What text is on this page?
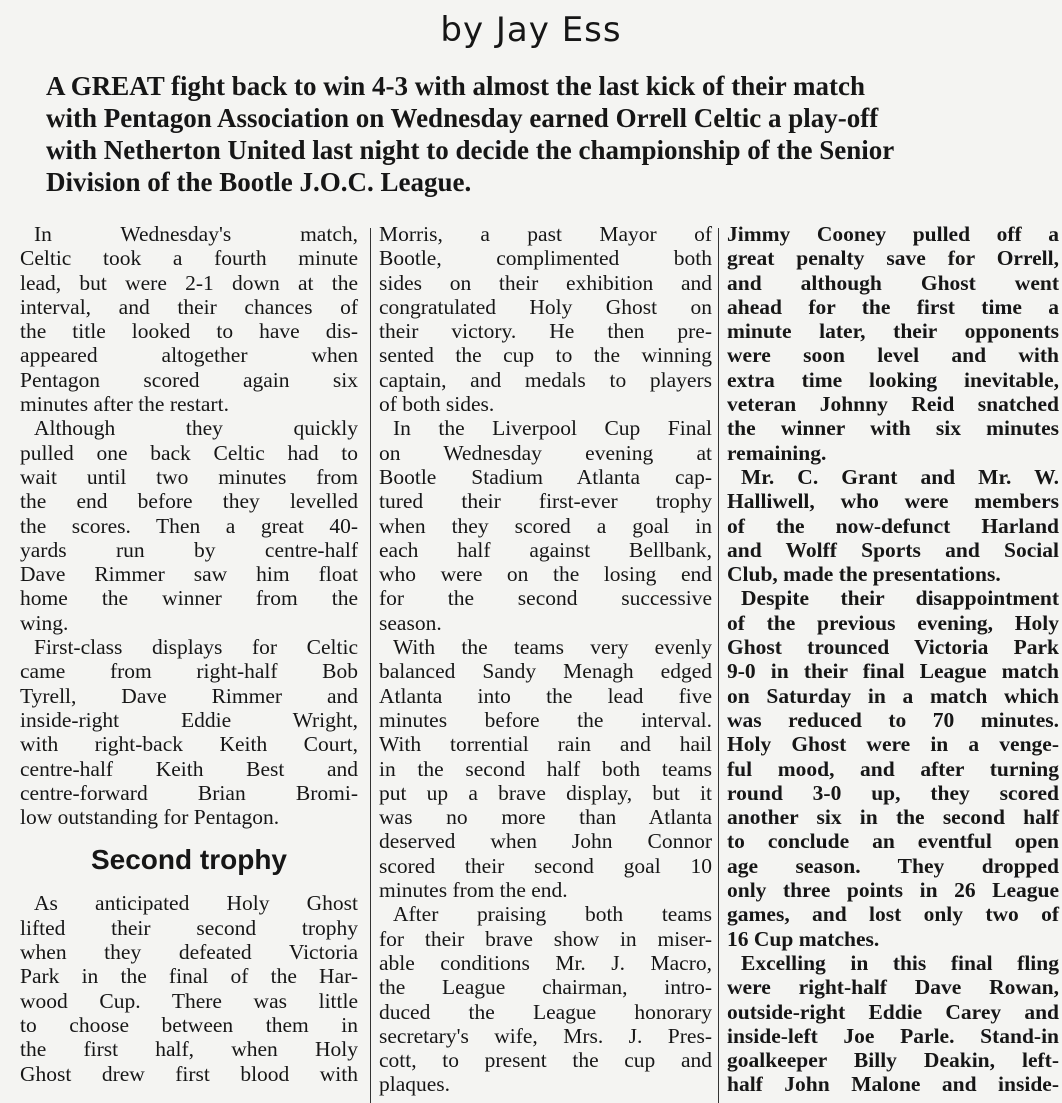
by Jay Ess
A GREAT fight back to win 4-3 with almost the last kick of their match
with Pentagon Association on Wednesday earned Orrell Celtic a play-off
with Netherton United last night to decide the championship of the Senior
Division of the Bootle J.O.C. League.
In Wednesday's match,
Celtic took a fourth minute
lead, but were 2-1 down at the
interval, and their chances of
the title looked to have dis-
appeared altogether when
Pentagon scored again six
minutes after the restart.
Although they quickly
pulled one back Celtic had to
wait until two minutes from
the end before they levelled
the scores. Then a great 40-
yards run by centre-half
Dave Rimmer saw him float
home the winner from the
wing.
First-class displays for Celtic
came from right-half Bob
Tyrell, Dave Rimmer and
inside-right Eddie Wright,
with right-back Keith Court,
centre-half Keith Best and
centre-forward Brian Bromi-
low outstanding for Pentagon.
Second trophy
As anticipated Holy Ghost
lifted their second trophy
when they defeated Victoria
Park in the final of the Har-
wood Cup. There was little
to choose between them in
the first half, when Holy
Ghost drew first blood with
Morris, a past Mayor of
Bootle, complimented both
sides on their exhibition and
congratulated Holy Ghost on
their victory. He then pre-
sented the cup to the winning
captain, and medals to players
of both sides.
In the Liverpool Cup Final
on Wednesday evening at
Bootle Stadium Atlanta cap-
tured their first-ever trophy
when they scored a goal in
each half against Bellbank,
who were on the losing end
for the second successive
season.
With the teams very evenly
balanced Sandy Menagh edged
Atlanta into the lead five
minutes before the interval.
With torrential rain and hail
in the second half both teams
put up a brave display, but it
was no more than Atlanta
deserved when John Connor
scored their second goal 10
minutes from the end.
After praising both teams
for their brave show in miser-
able conditions Mr. J. Macro,
the League chairman, intro-
duced the League honorary
secretary's wife, Mrs. J. Pres-
cott, to present the cup and
plaques.
Jimmy Cooney pulled off a
great penalty save for Orrell,
and although Ghost went
ahead for the first time a
minute later, their opponents
were soon level and with
extra time looking inevitable,
veteran Johnny Reid snatched
the winner with six minutes
remaining.
Mr. C. Grant and Mr. W.
Halliwell, who were members
of the now-defunct Harland
and Wolff Sports and Social
Club, made the presentations.
Despite their disappointment
of the previous evening, Holy
Ghost trounced Victoria Park
9-0 in their final League match
on Saturday in a match which
was reduced to 70 minutes.
Holy Ghost were in a venge-
ful mood, and after turning
round 3-0 up, they scored
another six in the second half
to conclude an eventful open
age season. They dropped
only three points in 26 League
games, and lost only two of
16 Cup matches.
Excelling in this final fling
were right-half Dave Rowan,
outside-right Eddie Carey and
inside-left Joe Parle. Stand-in
goalkeeper Billy Deakin, left-
half John Malone and inside-
